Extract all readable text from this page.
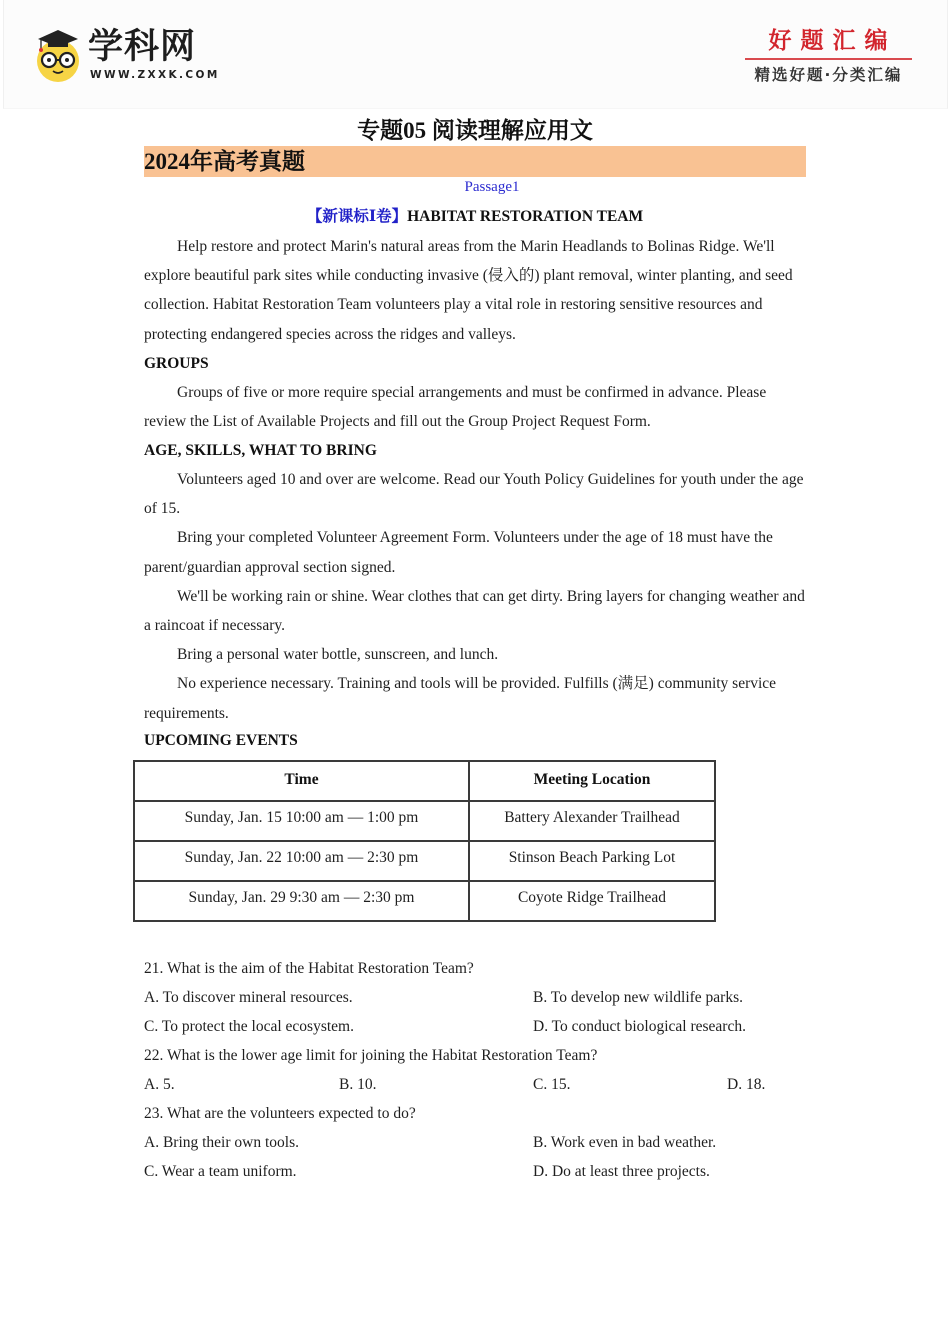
学科网
WWW.ZXXK.COM
好题汇编
精选好题·分类汇编
专题05 阅读理解应用文
2024年高考真题
Passage1
【新课标Ⅰ卷】HABITAT RESTORATION TEAM

Help restore and protect Marin's natural areas from the Marin Headlands to Bolinas Ridge. We'll explore beautiful park sites while conducting invasive (侵入的) plant removal, winter planting, and seed collection. Habitat Restoration Team volunteers play a vital role in restoring sensitive resources and protecting endangered species across the ridges and valleys.

GROUPS

Groups of five or more require special arrangements and must be confirmed in advance. Please review the List of Available Projects and fill out the Group Project Request Form.

AGE, SKILLS, WHAT TO BRING

Volunteers aged 10 and over are welcome. Read our Youth Policy Guidelines for youth under the age of 15.

Bring your completed Volunteer Agreement Form. Volunteers under the age of 18 must have the parent/guardian approval section signed.

We'll be working rain or shine. Wear clothes that can get dirty. Bring layers for changing weather and a raincoat if necessary.

Bring a personal water bottle, sunscreen, and lunch.

No experience necessary. Training and tools will be provided. Fulfills (满足) community service requirements.

UPCOMING EVENTS
Time	Meeting Location
Sunday, Jan. 15 10:00 am — 1:00 pm	Battery Alexander Trailhead
Sunday, Jan. 22 10:00 am — 2:30 pm	Stinson Beach Parking Lot
Sunday, Jan. 29 9:30 am — 2:30 pm	Coyote Ridge Trailhead
21. What is the aim of the Habitat Restoration Team?
A. To discover mineral resources.	B. To develop new wildlife parks.
C. To protect the local ecosystem.	D. To conduct biological research.
22. What is the lower age limit for joining the Habitat Restoration Team?
A. 5.	B. 10.	C. 15.	D. 18.
23. What are the volunteers expected to do?
A. Bring their own tools.	B. Work even in bad weather.
C. Wear a team uniform.	D. Do at least three projects.
